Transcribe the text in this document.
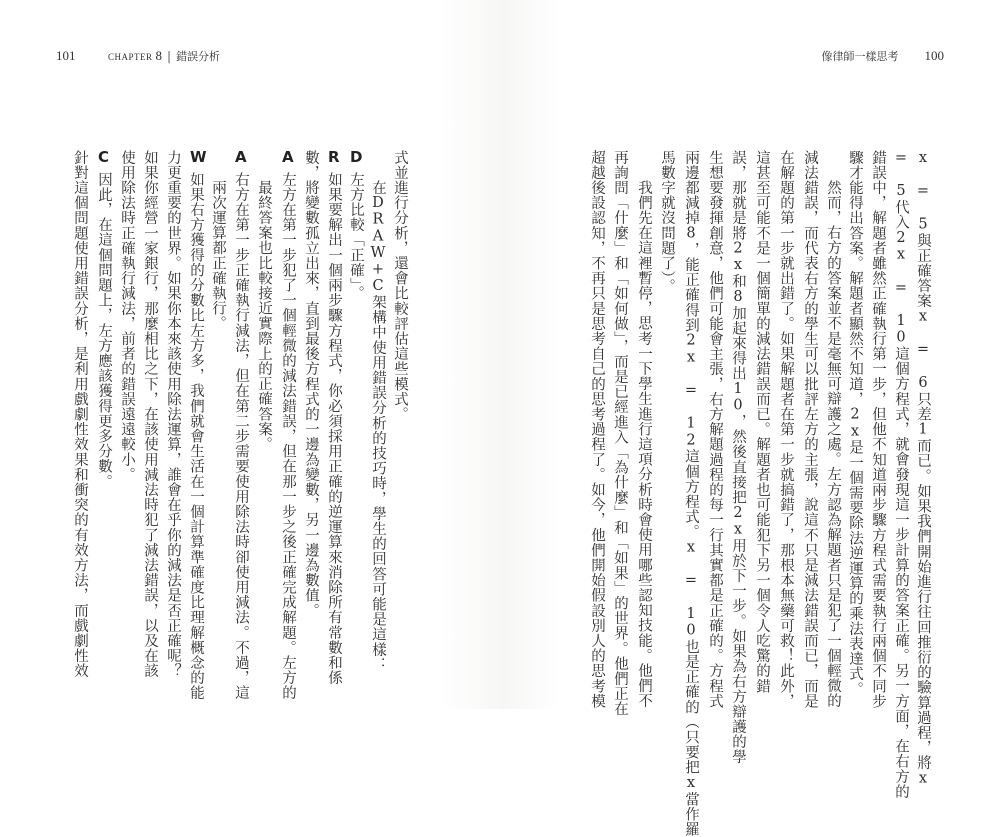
101	CHAPTER 8 | 錯誤分析	像律師一樣思考 100
x = 5與正確答案x = 6只差1而已。如果我們開始進行往回推衍的驗算過程，將x
= 5代入2x = 10這個方程式，就會發現這一步計算的答案正確。另一方面，在右方的
錯誤中，解題者雖然正確執行第一步，但他不知道兩步驟方程式需要執行兩個不同步
驟才能得出答案。解題者顯然不知道，2x是一個需要除法逆運算的乘法表達式。
然而，右方的答案並不是毫無可辯護之處。左方認為解題者只是犯了一個輕微的
減法錯誤，而代表右方的學生可以批評左方的主張，說這不只是減法錯誤而已，而是
在解題的第一步就出錯了。如果解題者在第一步就搞錯了，那根本無藥可救！此外，
這甚至可能不是一個簡單的減法錯誤而已。解題者也可能犯下另一個令人吃驚的錯
誤，那就是將2x和8加起來得出10，然後直接把2x用於下一步。如果為右方辯護的學
生想要發揮創意，他們可能會主張，右方解題過程的每一行其實都是正確的。方程式
兩邊都減掉8，能正確得到2x = 12這個方程式。x = 10也是正確的（只要把x當作羅
馬數字就沒問題了）。
我們先在這裡暫停，思考一下學生進行這項分析時會使用哪些認知技能。他們不
再詢問「什麼」和「如何做」，而是已經進入「為什麼」和「如果」的世界。他們正在
超越後設認知，不再只是思考自己的思考過程了。如今，他們開始假設別人的思考模
式並進行分析，還會比較評估這些模式。
在DRAW+C架構中使用錯誤分析的技巧時，學生的回答可能是這樣：
D
左方比較「正確」。
R
如果要解出一個兩步驟方程式，你必須採用正確的逆運算來消除所有常數和係
數，將變數孤立出來，直到最後方程式的一邊為變數，另一邊為數值。
A
左方在第一步犯了一個輕微的減法錯誤，但在那一步之後正確完成解題。左方的
最終答案也比較接近實際上的正確答案。
A
右方在第一步正確執行減法，但在第二步需要使用除法時卻使用減法。不過，這
兩次運算都正確執行。
W
如果右方獲得的分數比左方多，我們就會生活在一個計算準確度比理解概念的能
力更重要的世界。如果你本來該使用除法運算，誰會在乎你的減法是否正確呢？
如果你經營一家銀行，那麼相比之下，在該使用減法時犯了減法錯誤，以及在該
使用除法時正確執行減法，前者的錯誤遠遠較小。
C
因此，在這個問題上，左方應該獲得更多分數。
針對這個問題使用錯誤分析，是利用戲劇性效果和衝突的有效方法，而戲劇性效
